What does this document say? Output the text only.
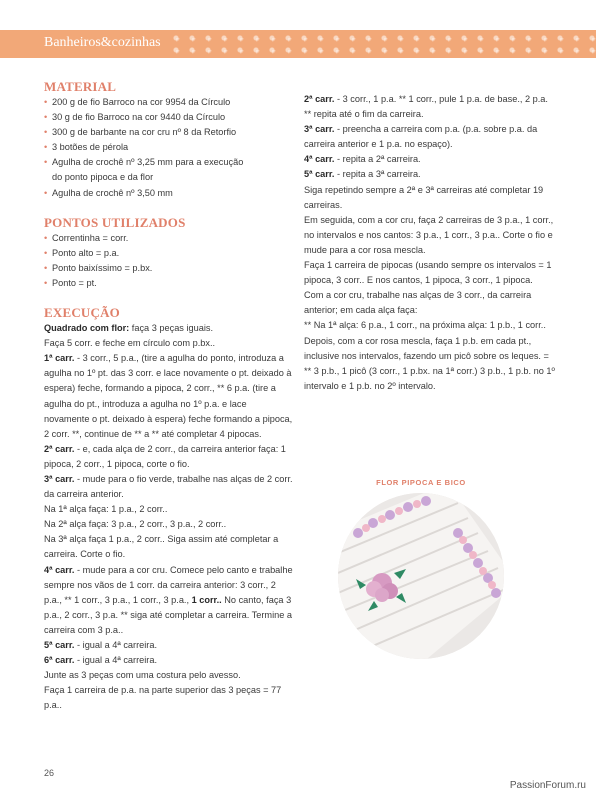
Banheiros&cozinhas
MATERIAL
• 200 g de fio Barroco na cor 9954 da Círculo
• 30 g de fio Barroco na cor 9440 da Círculo
• 300 g de barbante na cor cru nº 8 da Retorfio
• 3 botões de pérola
• Agulha de crochê nº 3,25 mm para a execução
do ponto pipoca e da flor
• Agulha de crochê nº 3,50 mm
PONTOS UTILIZADOS
• Correntinha = corr.
• Ponto alto = p.a.
• Ponto baixíssimo = p.bx.
• Ponto = pt.
EXECUÇÃO

Quadrado com flor: faça 3 peças iguais.

Faça 5 corr. e feche em círculo com p.bx..

1ª carr. - 3 corr., 5 p.a., (tire a agulha do ponto, introduza a agulha no 1º pt. das 3 corr. e lace novamente o pt. deixado à espera) feche, formando a pipoca, 2 corr., ** 6 p.a. (tire a agulha do pt., introduza a agulha no 1º p.a. e lace novamente o pt. deixado à espera) feche formando a pipoca, 2 corr. **, continue de ** a ** até completar 4 pipocas.

2ª carr. - e, cada alça de 2 corr., da carreira anterior faça: 1 pipoca, 2 corr., 1 pipoca, corte o fio.

3ª carr. - mude para o fio verde, trabalhe nas alças de 2 corr. da carreira anterior.

Na 1ª alça faça: 1 p.a., 2 corr..

Na 2ª alça faça: 3 p.a., 2 corr., 3 p.a., 2 corr..

Na 3ª alça faça 1 p.a., 2 corr.. Siga assim até completar a carreira. Corte o fio.

4ª carr. - mude para a cor cru. Comece pelo canto e trabalhe sempre nos vãos de 1 corr. da carreira anterior: 3 corr., 2 p.a., ** 1 corr., 3 p.a., 1 corr., 3 p.a., 1 corr.. No canto, faça 3 p.a., 2 corr., 3 p.a. ** siga até completar a carreira. Termine a carreira com 3 p.a..

5ª carr. - igual a 4ª carreira.

6ª carr. - igual a 4ª carreira.

Junte as 3 peças com uma costura pelo avesso.

Faça 1 carreira de p.a. na parte superior das 3 peças = 77 p.a..

2ª carr. - 3 corr., 1 p.a. ** 1 corr., pule 1 p.a. de base., 2 p.a. ** repita até o fim da carreira.

3ª carr. - preencha a carreira com p.a. (p.a. sobre p.a. da carreira anterior e 1 p.a. no espaço).

4ª carr. - repita a 2ª carreira.

5ª carr. - repita a 3ª carreira.

Siga repetindo sempre a 2ª e 3ª carreiras até completar 19 carreiras.

Em seguida, com a cor cru, faça 2 carreiras de 3 p.a., 1 corr., no intervalos e nos cantos: 3 p.a., 1 corr., 3 p.a.. Corte o fio e mude para a cor rosa mescla.

Faça 1 carreira de pipocas (usando sempre os intervalos = 1 pipoca, 3 corr.. E nos cantos, 1 pipoca, 3 corr., 1 pipoca.

Com a cor cru, trabalhe nas alças de 3 corr., da carreira anterior; em cada alça faça:

** Na 1ª alça: 6 p.a., 1 corr., na próxima alça: 1 p.b., 1 corr..

Depois, com a cor rosa mescla, faça 1 p.b. em cada pt., inclusive nos intervalos, fazendo um picô sobre os leques. = ** 3 p.b., 1 picô (3 corr., 1 p.bx. na 1ª corr.) 3 p.b., 1 p.b. no 1º intervalo e 1 p.b. no 2º intervalo.

FLOR PIPOCA E BICO
26
PassionForum.ru
